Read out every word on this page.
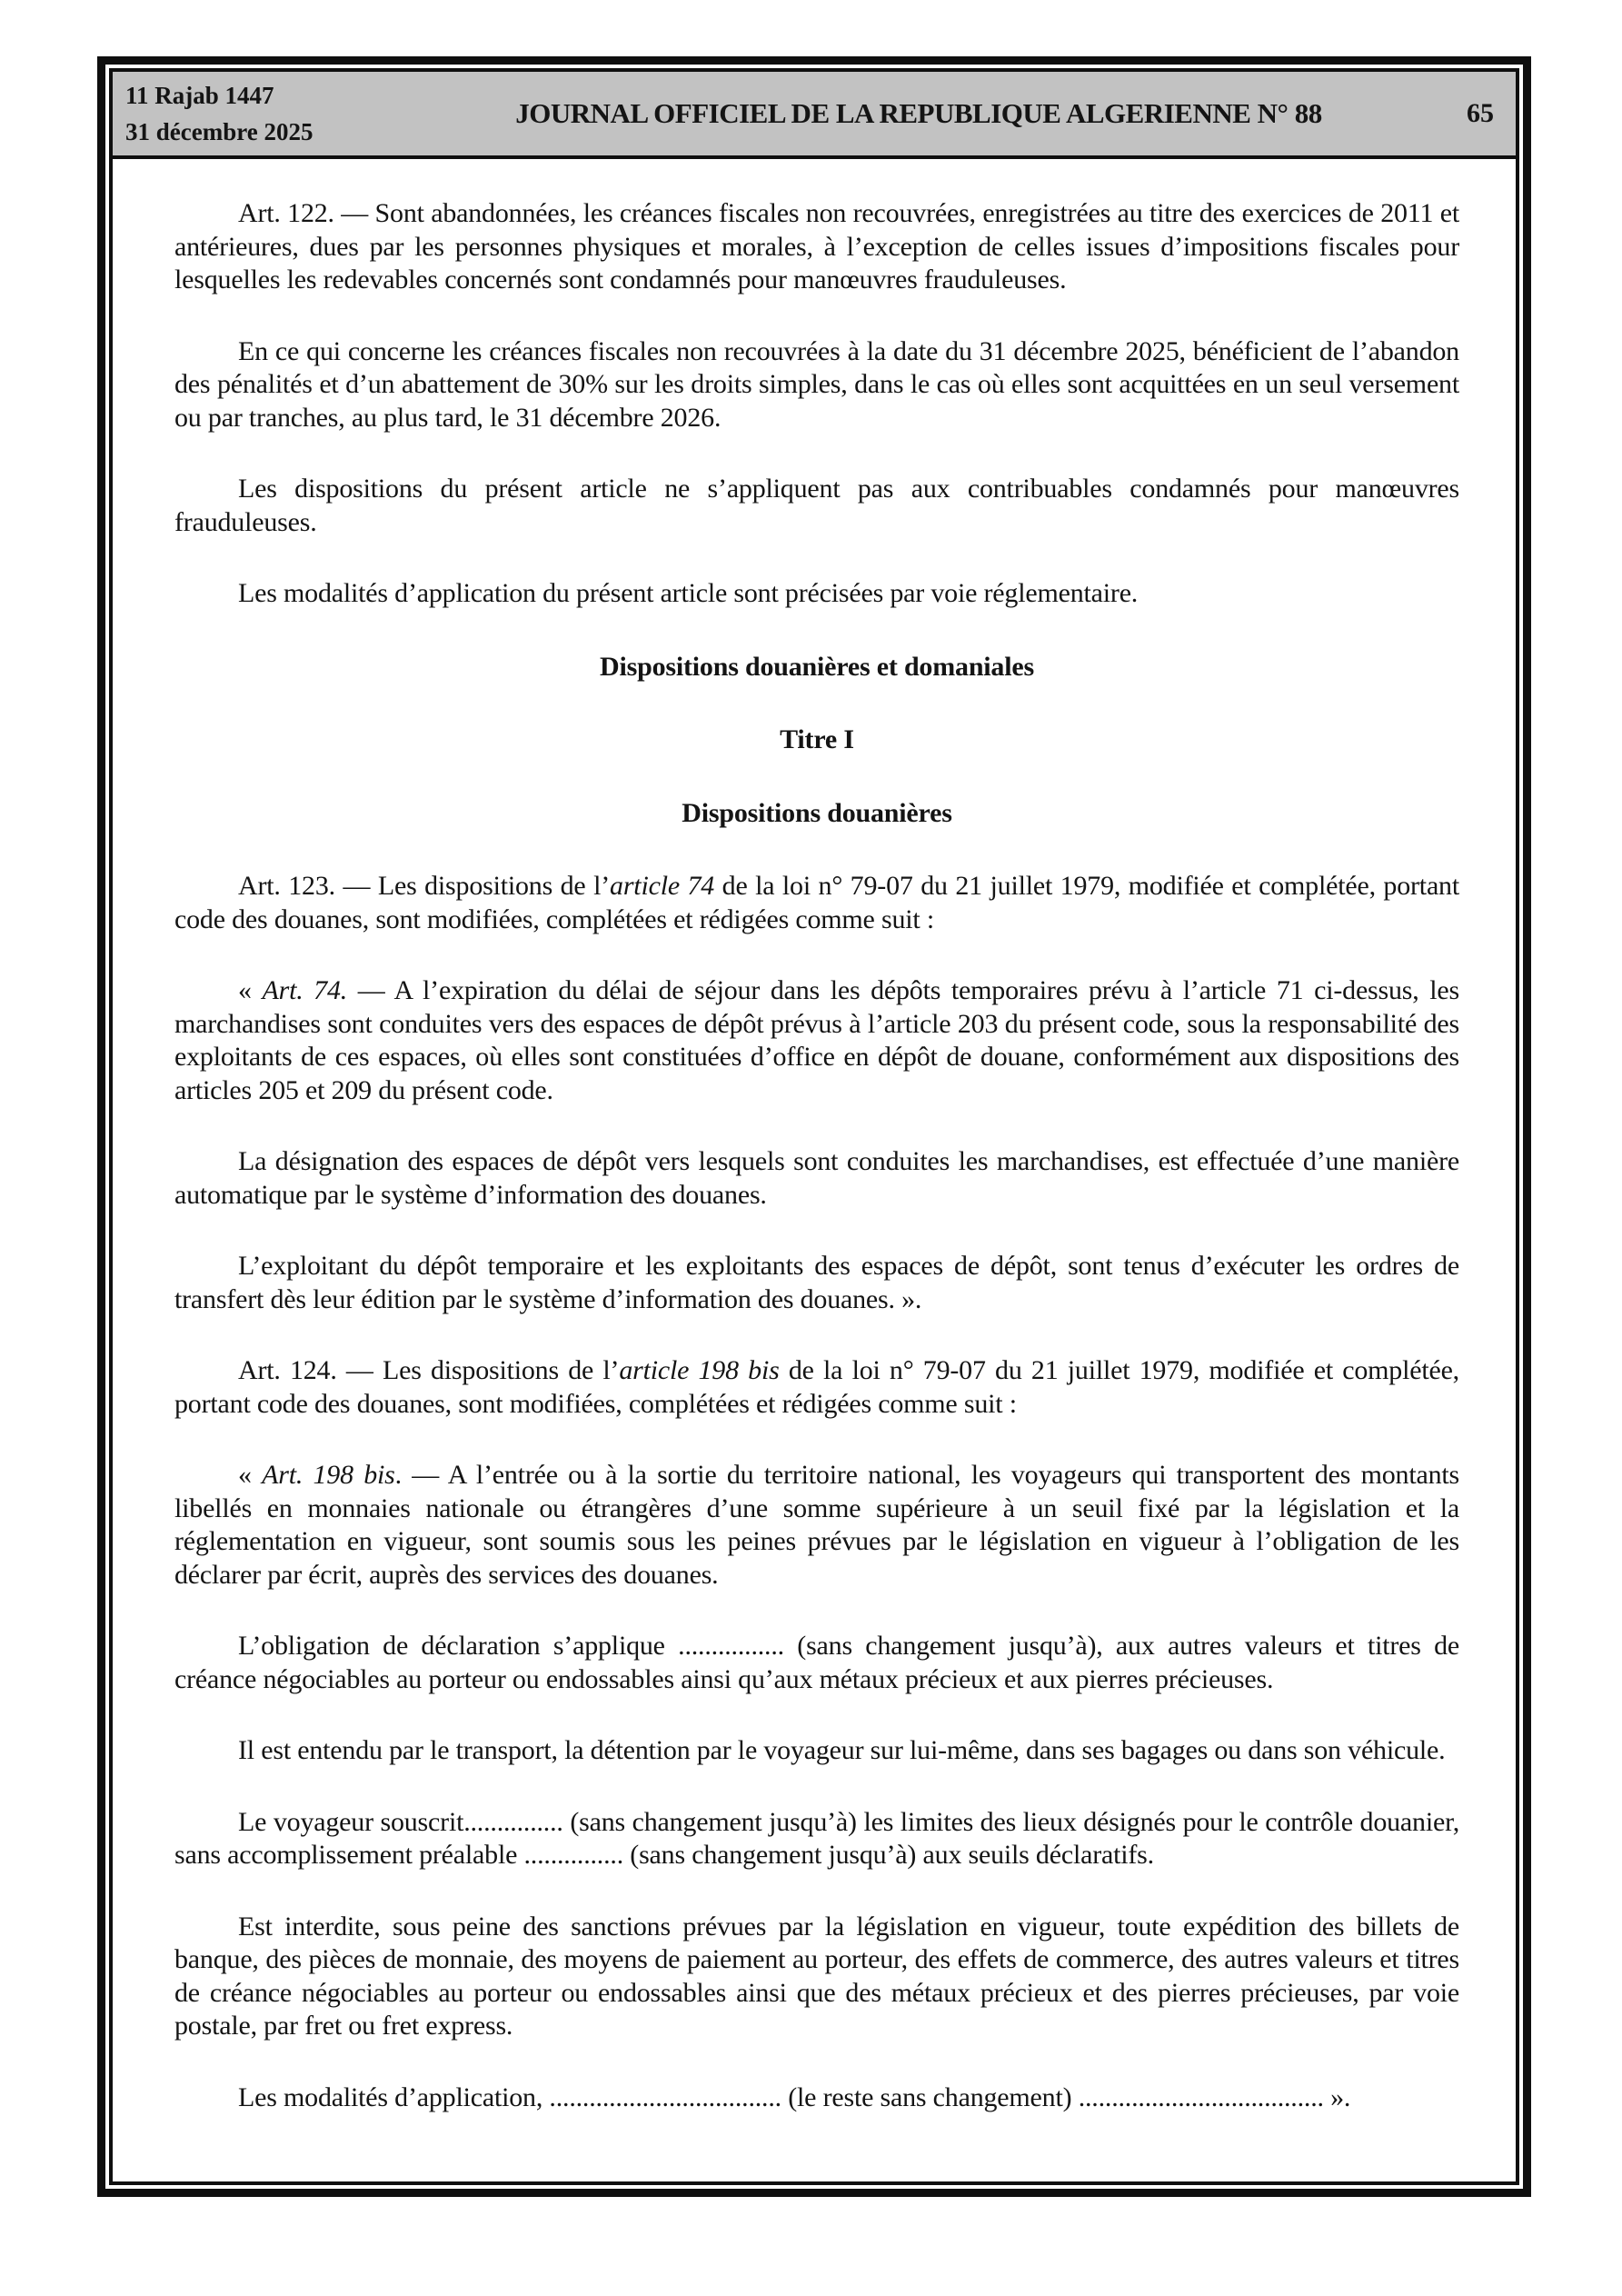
11 Rajab 1447
31 décembre 2025
JOURNAL OFFICIEL DE LA REPUBLIQUE ALGERIENNE N° 88	65

Art. 122. — Sont abandonnées, les créances fiscales non recouvrées, enregistrées au titre des exercices de 2011 et antérieures, dues par les personnes physiques et morales, à l’exception de celles issues d’impositions fiscales pour lesquelles les redevables concernés sont condamnés pour manœuvres frauduleuses.

En ce qui concerne les créances fiscales non recouvrées à la date du 31 décembre 2025, bénéficient de l’abandon des pénalités et d’un abattement de 30% sur les droits simples, dans le cas où elles sont acquittées en un seul versement ou par tranches, au plus tard, le 31 décembre 2026.

Les dispositions du présent article ne s’appliquent pas aux contribuables condamnés pour manœuvres frauduleuses.

Les modalités d’application du présent article sont précisées par voie réglementaire.

Dispositions douanières et domaniales
Titre I
Dispositions douanières

Art. 123. — Les dispositions de l’article 74 de la loi n° 79-07 du 21 juillet 1979, modifiée et complétée, portant code des douanes, sont modifiées, complétées et rédigées comme suit :

« Art. 74. — A l’expiration du délai de séjour dans les dépôts temporaires prévu à l’article 71 ci-dessus, les marchandises sont conduites vers des espaces de dépôt prévus à l’article 203 du présent code, sous la responsabilité des exploitants de ces espaces, où elles sont constituées d’office en dépôt de douane, conformément aux dispositions des articles 205 et 209 du présent code.

La désignation des espaces de dépôt vers lesquels sont conduites les marchandises, est effectuée d’une manière automatique par le système d’information des douanes.

L’exploitant du dépôt temporaire et les exploitants des espaces de dépôt, sont tenus d’exécuter les ordres de transfert dès leur édition par le système d’information des douanes. ».

Art. 124. — Les dispositions de l’article 198 bis de la loi n° 79-07 du 21 juillet 1979, modifiée et complétée, portant code des douanes, sont modifiées, complétées et rédigées comme suit :

« Art. 198 bis. — A l’entrée ou à la sortie du territoire national, les voyageurs qui transportent des montants libellés en monnaies nationale ou étrangères d’une somme supérieure à un seuil fixé par la législation et la réglementation en vigueur, sont soumis sous les peines prévues par le législation en vigueur à l’obligation de les déclarer par écrit, auprès des services des douanes.

L’obligation de déclaration s’applique ................ (sans changement jusqu’à), aux autres valeurs et titres de créance négociables au porteur ou endossables ainsi qu’aux métaux précieux et aux pierres précieuses.

Il est entendu par le transport, la détention par le voyageur sur lui-même, dans ses bagages ou dans son véhicule.

Le voyageur souscrit............... (sans changement jusqu’à) les limites des lieux désignés pour le contrôle douanier, sans accomplissement préalable ............... (sans changement jusqu’à) aux seuils déclaratifs.

Est interdite, sous peine des sanctions prévues par la législation en vigueur, toute expédition des billets de banque, des pièces de monnaie, des moyens de paiement au porteur, des effets de commerce, des autres valeurs et titres de créance négociables au porteur ou endossables ainsi que des métaux précieux et des pierres précieuses, par voie postale, par fret ou fret express.

Les modalités d’application, ................................... (le reste sans changement) ..................................... ».
